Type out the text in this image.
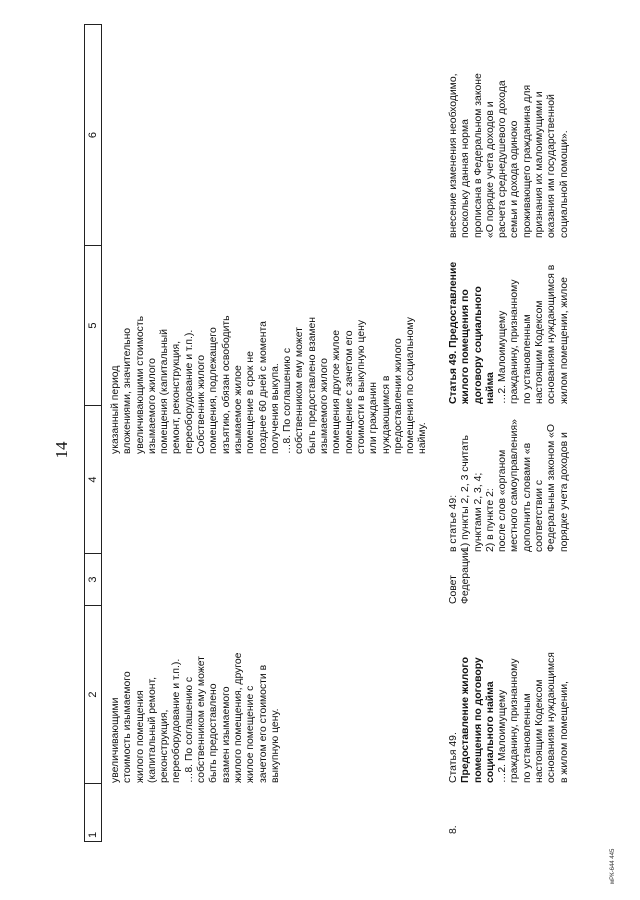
14
1
2
3
4
5
6
увеличивающими
стоимость изымаемого
жилого помещения
(капитальный ремонт,
реконструкция,
переоборудование и т.п.).
…8. По соглашению с
собственником ему может
быть предоставлено
взамен изымаемого
жилого помещения, другое
жилое помещение с
зачетом его стоимости в
выкупную цену.
указанный период
вложениями, значительно
увеличивающими стоимость
изымаемого жилого
помещения (капитальный
ремонт, реконструкция,
переоборудование и т.п.).
Собственник жилого
помещения, подлежащего
изъятию, обязан освободить
изымаемое жилое
помещение в срок не
позднее 60 дней с момента
получения выкупа.
…8. По соглашению с
собственником ему может
быть предоставлено взамен
изымаемого жилого
помещения другое жилое
помещение с зачетом его
стоимости в выкупную цену
или гражданин
нуждающимся в
предоставлении жилого
помещения по социальному
найму.
8.
Статья 49. Предоставление жилого
помещения по договору
социального найма
…2. Малоимущему
гражданину, признанному
по установленным
настоящим Кодексом
основаниям нуждающимся
в жилом помещении,
Совет
Федерации
в статье 49:
1) пункты 2, 2, 3 считать
пунктами 2, 3, 4;
2) в пункте 2:
после слов «органом
местного самоуправления»
дополнить словами «в
соответствии с
Федеральным законом «О
порядке учета доходов и
Статья 49. Предоставление
жилого помещения по
договору социального
найма …2. Малоимущему
гражданину, признанному
по установленным
настоящим Кодексом
основаниям нуждающимся в
жилом помещении, жилое
внесение изменения необходимо,
поскольку данная норма
прописана в Федеральном законе
«О порядке учета доходов и
расчета среднедушевого дохода
семьи и дохода одиноко
проживающего гражданина для
признания их малоимущими и
оказания им государственной
социальной помощи».
мРК-644 445
